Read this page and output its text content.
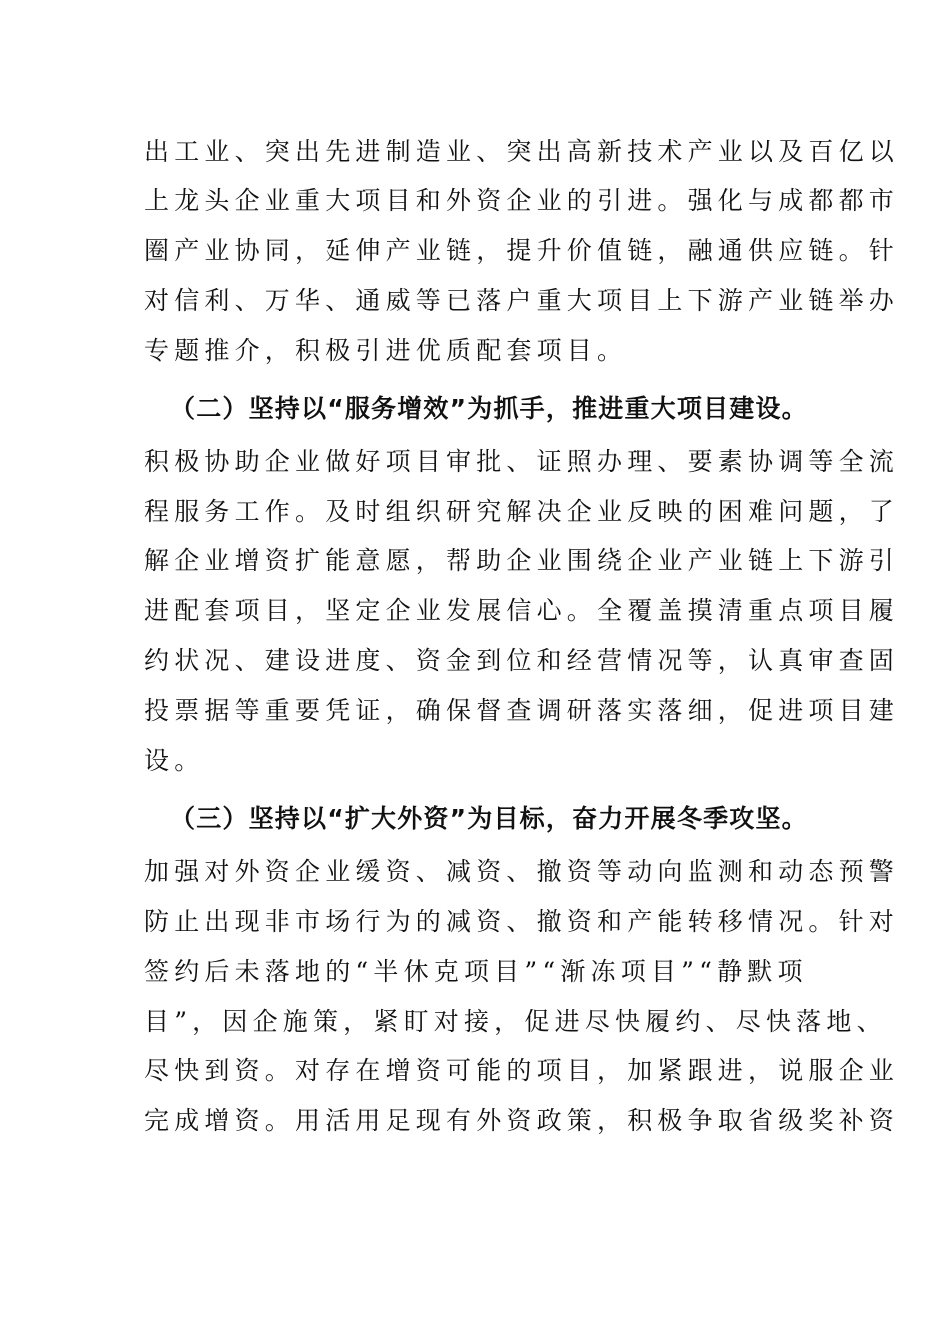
出工业、突出先进制造业、突出高新技术产业以及百亿以
上龙头企业重大项目和外资企业的引进。强化与成都都市
圈产业协同，延伸产业链，提升价值链，融通供应链。针
对信利、万华、通威等已落户重大项目上下游产业链举办
专题推介，积极引进优质配套项目。
（二）坚持以“服务增效”为抓手，推进重大项目建设。
积极协助企业做好项目审批、证照办理、要素协调等全流
程服务工作。及时组织研究解决企业反映的困难问题，了
解企业增资扩能意愿，帮助企业围绕企业产业链上下游引
进配套项目，坚定企业发展信心。全覆盖摸清重点项目履
约状况、建设进度、资金到位和经营情况等，认真审查固
投票据等重要凭证，确保督查调研落实落细，促进项目建
设。
（三）坚持以“扩大外资”为目标，奋力开展冬季攻坚。
加强对外资企业缓资、减资、撤资等动向监测和动态预警
防止出现非市场行为的减资、撤资和产能转移情况。针对
签约后未落地的“半休克项目”“渐冻项目”“静默项
目”，因企施策，紧盯对接，促进尽快履约、尽快落地、
尽快到资。对存在增资可能的项目，加紧跟进，说服企业
完成增资。用活用足现有外资政策，积极争取省级奖补资
